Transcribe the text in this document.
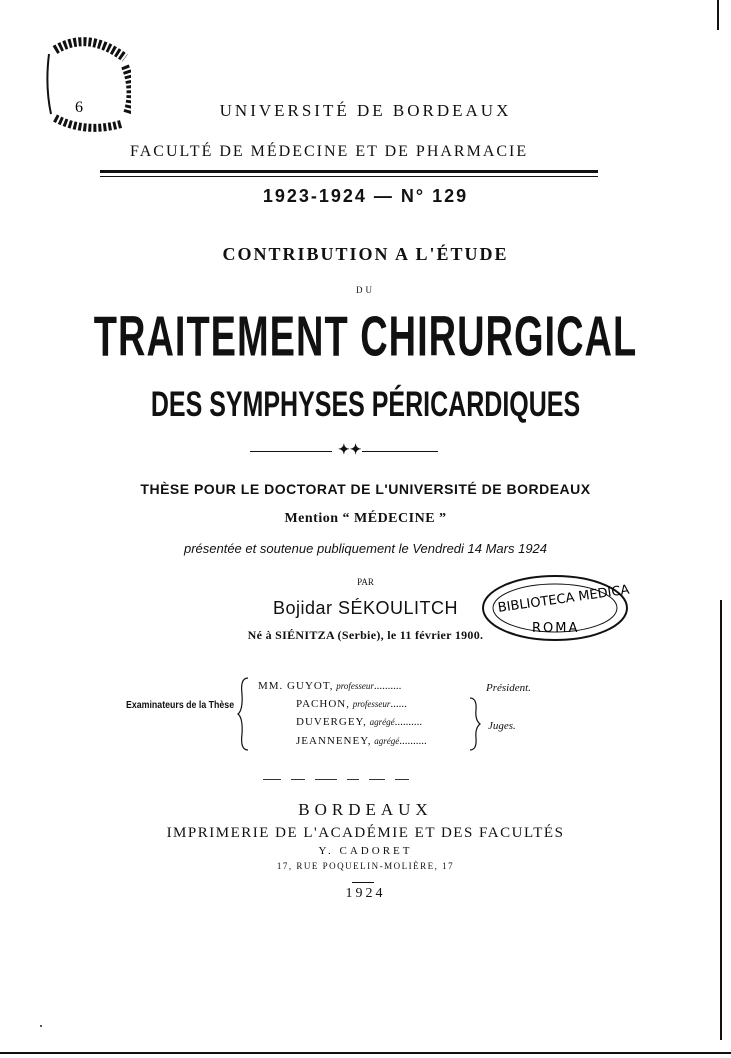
6	UNIVERSITÉ DE BORDEAUX
FACULTÉ DE MÉDECINE ET DE PHARMACIE
1923-1924 — N° 129
CONTRIBUTION A L'ÉTUDE
DU
TRAITEMENT CHIRURGICAL
DES SYMPHYSES PÉRICARDIQUES
✦✦
THÈSE POUR LE DOCTORAT DE L'UNIVERSITÉ DE BORDEAUX
Mention “ MÉDECINE ”
présentée et soutenue publiquement le Vendredi 14 Mars 1924
PAR
Bojidar SÉKOULITCH
Né à SIÉNITZA (Serbie), le 11 février 1900.
BIBLIOTECA MEDICA
ROMA
Examinateurs de la Thèse
MM. GUYOT, professeur..........	Président.
PACHON, professeur......
DUVERGEY, agrégé..........	Juges.
JEANNENEY, agrégé..........
BORDEAUX
IMPRIMERIE DE L'ACADÉMIE ET DES FACULTÉS
Y. CADORET
17, RUE POQUELIN-MOLIÈRE, 17
1924
